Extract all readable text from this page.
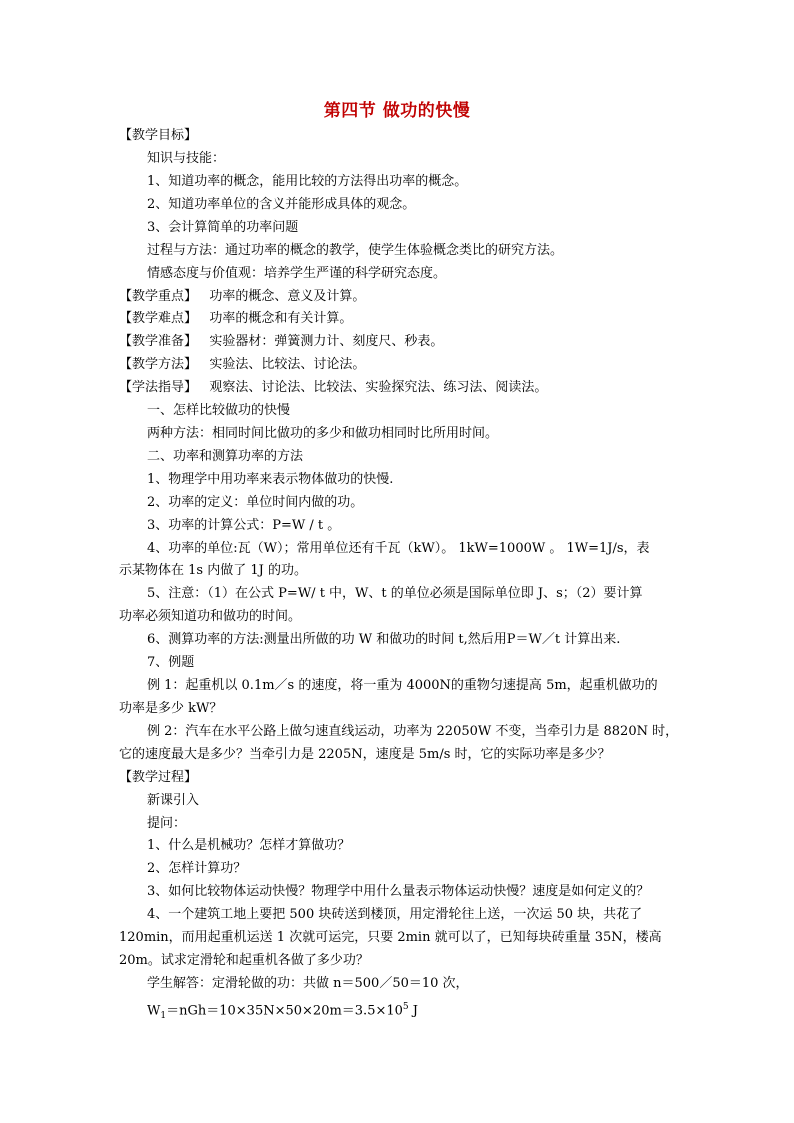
第四节 做功的快慢
【教学目标】
知识与技能：
1、知道功率的概念，能用比较的方法得出功率的概念。
2、知道功率单位的含义并能形成具体的观念。
3、会计算简单的功率问题
过程与方法：通过功率的概念的教学，使学生体验概念类比的研究方法。
情感态度与价值观：培养学生严谨的科学研究态度。
【教学重点】 功率的概念、意义及计算。
【教学难点】 功率的概念和有关计算。
【教学准备】 实验器材：弹簧测力计、刻度尺、秒表。
【教学方法】 实验法、比较法、讨论法。
【学法指导】 观察法、讨论法、比较法、实验探究法、练习法、阅读法。
一、怎样比较做功的快慢
两种方法：相同时间比做功的多少和做功相同时比所用时间。
二、功率和测算功率的方法
1、物理学中用功率来表示物体做功的快慢.
2、功率的定义：单位时间内做的功。
3、功率的计算公式：P=W / t 。
4、功率的单位:瓦（W）；常用单位还有千瓦（kW）。 1kW=1000W 。 1W=1J/s，表
示某物体在 1s 内做了 1J 的功。
5、注意：（1）在公式 P=W/ t 中，W、t 的单位必须是国际单位即 J、s；（2）要计算
功率必须知道功和做功的时间。
6、测算功率的方法:测量出所做的功 W 和做功的时间 t,然后用P＝W／t 计算出来.
7、例题
例 1：起重机以 0.1m／s 的速度，将一重为 4000N的重物匀速提高 5m，起重机做功的
功率是多少 kW？
例 2：汽车在水平公路上做匀速直线运动，功率为 22050W 不变，当牵引力是 8820N 时，
它的速度最大是多少？当牵引力是 2205N，速度是 5m/s 时，它的实际功率是多少？
【教学过程】
新课引入
提问：
1、什么是机械功？怎样才算做功？
2、怎样计算功？
3、如何比较物体运动快慢？物理学中用什么量表示物体运动快慢？速度是如何定义的？
4、一个建筑工地上要把 500 块砖送到楼顶，用定滑轮往上送，一次运 50 块，共花了
120min，而用起重机运送 1 次就可运完，只要 2min 就可以了，已知每块砖重量 35N，楼高
20m。试求定滑轮和起重机各做了多少功？
学生解答：定滑轮做的功：共做 n＝500／50＝10 次，
$W_1=nGh=10\times 35N\times 50\times 20m=3.5\times 10^5$ J
